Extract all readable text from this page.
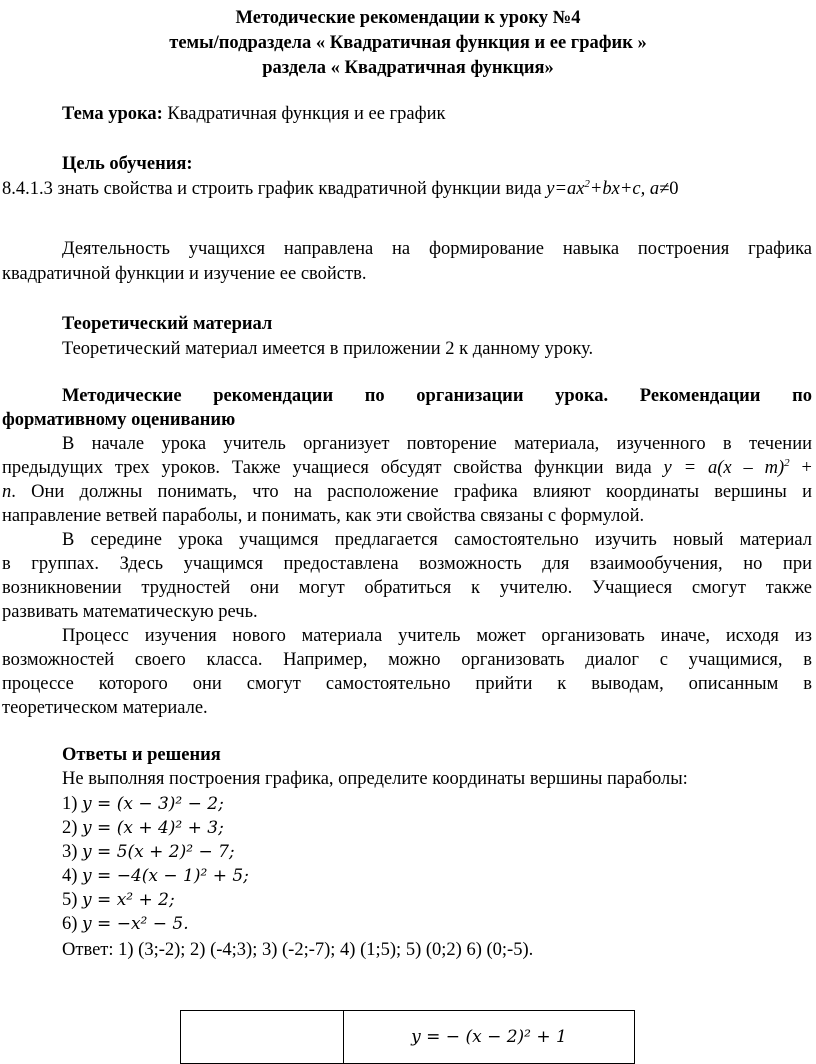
Методические рекомендации к уроку №4
темы/подраздела « Квадратичная функция и ее график »
раздела « Квадратичная функция»
Тема урока: Квадратичная функция и ее график
Цель обучения:
8.4.1.3 знать свойства и строить график квадратичной функции вида $y=ax^2+bx+c$, a≠0
Деятельность учащихся направлена на формирование навыка построения графика
квадратичной функции и изучение ее свойств.
Теоретический материал
Теоретический материал имеется в приложении 2 к данному уроку.
Методические рекомендации по организации урока. Рекомендации по
формативному оцениванию
В начале урока учитель организует повторение материала, изученного в течении
предыдущих трех уроков. Также учащиеся обсудят свойства функции вида y = a(x – m)$^2$ +
n. Они должны понимать, что на расположение графика влияют координаты вершины и
направление ветвей параболы, и понимать, как эти свойства связаны с формулой.
В середине урока учащимся предлагается самостоятельно изучить новый материал
в группах. Здесь учащимся предоставлена возможность для взаимообучения, но при
возникновении трудностей они могут обратиться к учителю. Учащиеся смогут также
развивать математическую речь.
Процесс изучения нового материала учитель может организовать иначе, исходя из
возможностей своего класса. Например, можно организовать диалог с учащимися, в
процессе которого они смогут самостоятельно прийти к выводам, описанным в
теоретическом материале.
Ответы и решения
Не выполняя построения графика, определите координаты вершины параболы:
1) y = (x − 3)² − 2;
2) y = (x + 4)² + 3;
3) y = 5(x + 2)² − 7;
4) y = −4(x − 1)² + 5;
5) y = x² + 2;
6) y = −x² − 5.
Ответ: 1) (3;-2); 2) (-4;3); 3) (-2;-7); 4) (1;5); 5) (0;2) 6) (0;-5).
	y = − (x − 2)² + 1
